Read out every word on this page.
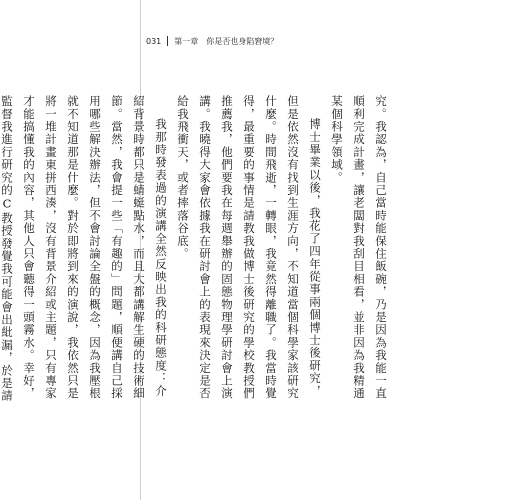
031 第一章 你是否也身陷窘境？

究。我認為，自己當時能保住飯碗，乃是因為我能一直順利完成計畫，讓老闆對我刮目相看，並非因為我精通某個科學領域。

博士畢業以後，我花了四年從事兩個博士後研究，但是依然沒有找到生涯方向，不知道當個科學家該研究什麼。時間飛逝，一轉眼，我竟然得離職了。我當時覺得，最重要的事情是請教我做博士後研究的學校教授們推薦我，他們要我在每週舉辦的固態物理學研討會上演講。我曉得大家會依據我在研討會上的表現來決定是否給我飛衝天，或者摔落谷底。

我那時發表過的演講全然反映出我的科研態度：介紹背景時都只是蜻蜓點水，而且大都講解生硬的技術細節。當然，我會提一些「有趣的」問題，順便講自己採用哪些解決辦法，但不會討論全盤的概念，因為我壓根就不知道那是什麼。對於即將到來的演說，我依然只是將一堆計畫東拼西湊，沒有背景介紹或主題，只有專家才能搞懂我的內容，其他人只會聽得一頭霧水。幸好，監督我進行研究的C教授發覺我可能會出紕漏，於是請
